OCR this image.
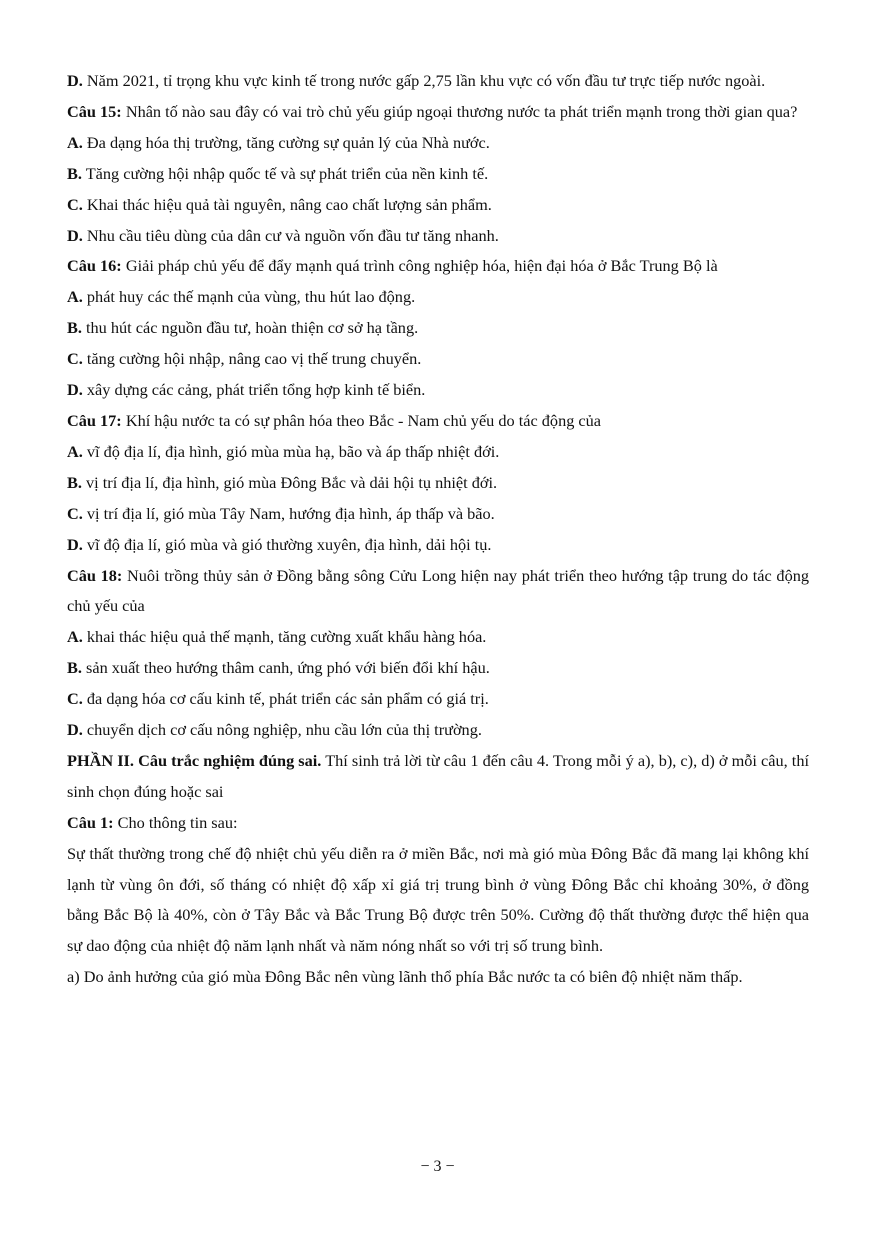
D. Năm 2021, tỉ trọng khu vực kinh tế trong nước gấp 2,75 lần khu vực có vốn đầu tư trực tiếp nước ngoài.

Câu 15: Nhân tố nào sau đây có vai trò chủ yếu giúp ngoại thương nước ta phát triển mạnh trong thời gian qua?

A. Đa dạng hóa thị trường, tăng cường sự quản lý của Nhà nước.

B. Tăng cường hội nhập quốc tế và sự phát triển của nền kinh tế.

C. Khai thác hiệu quả tài nguyên, nâng cao chất lượng sản phẩm.

D. Nhu cầu tiêu dùng của dân cư và nguồn vốn đầu tư tăng nhanh.

Câu 16: Giải pháp chủ yếu để đẩy mạnh quá trình công nghiệp hóa, hiện đại hóa ở Bắc Trung Bộ là

A. phát huy các thế mạnh của vùng, thu hút lao động.

B. thu hút các nguồn đầu tư, hoàn thiện cơ sở hạ tầng.

C. tăng cường hội nhập, nâng cao vị thế trung chuyển.

D. xây dựng các cảng, phát triển tổng hợp kinh tế biển.

Câu 17: Khí hậu nước ta có sự phân hóa theo Bắc - Nam chủ yếu do tác động của

A. vĩ độ địa lí, địa hình, gió mùa mùa hạ, bão và áp thấp nhiệt đới.

B. vị trí địa lí, địa hình, gió mùa Đông Bắc và dải hội tụ nhiệt đới.

C. vị trí địa lí, gió mùa Tây Nam, hướng địa hình, áp thấp và bão.

D. vĩ độ địa lí, gió mùa và gió thường xuyên, địa hình, dải hội tụ.

Câu 18: Nuôi trồng thủy sản ở Đồng bằng sông Cửu Long hiện nay phát triển theo hướng tập trung do tác động chủ yếu của

A. khai thác hiệu quả thế mạnh, tăng cường xuất khẩu hàng hóa.

B. sản xuất theo hướng thâm canh, ứng phó với biến đổi khí hậu.

C. đa dạng hóa cơ cấu kinh tế, phát triển các sản phẩm có giá trị.

D. chuyển dịch cơ cấu nông nghiệp, nhu cầu lớn của thị trường.

PHẦN II. Câu trắc nghiệm đúng sai. Thí sinh trả lời từ câu 1 đến câu 4. Trong mỗi ý a), b), c), d) ở mỗi câu, thí sinh chọn đúng hoặc sai

Câu 1: Cho thông tin sau:

Sự thất thường trong chế độ nhiệt chủ yếu diễn ra ở miền Bắc, nơi mà gió mùa Đông Bắc đã mang lại không khí lạnh từ vùng ôn đới, số tháng có nhiệt độ xấp xỉ giá trị trung bình ở vùng Đông Bắc chỉ khoảng 30%, ở đồng bằng Bắc Bộ là 40%, còn ở Tây Bắc và Bắc Trung Bộ được trên 50%. Cường độ thất thường được thể hiện qua sự dao động của nhiệt độ năm lạnh nhất và năm nóng nhất so với trị số trung bình.

a) Do ảnh hưởng của gió mùa Đông Bắc nên vùng lãnh thổ phía Bắc nước ta có biên độ nhiệt năm thấp.

− 3 −
